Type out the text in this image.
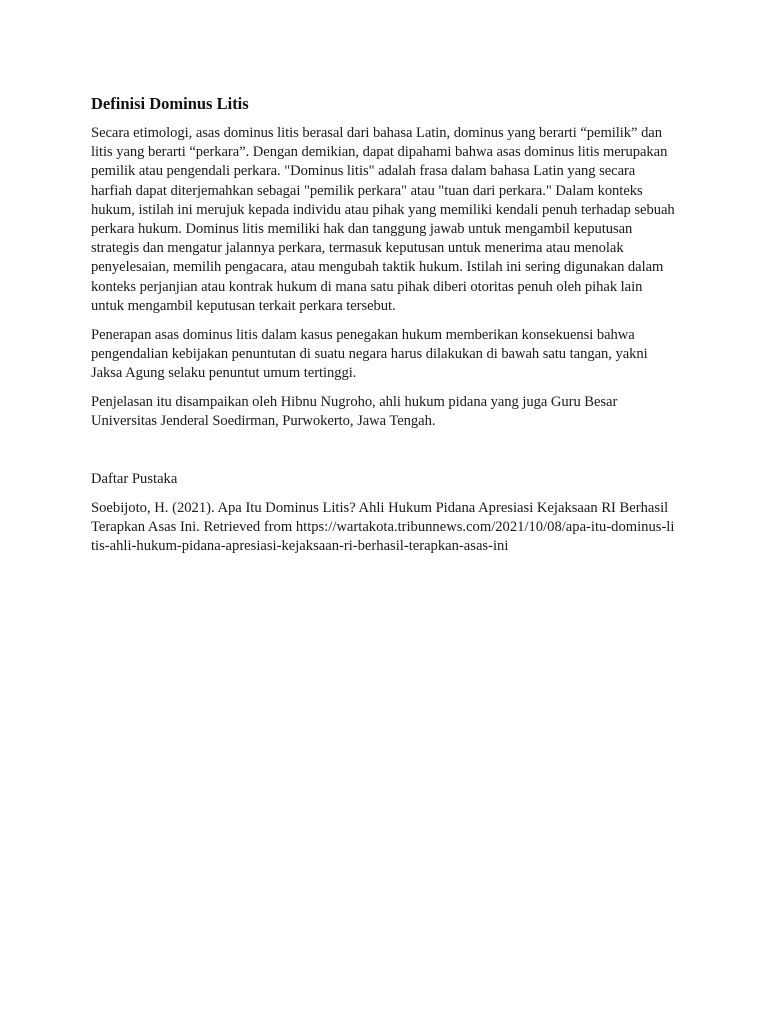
Definisi Dominus Litis

Secara etimologi, asas dominus litis berasal dari bahasa Latin, dominus yang berarti “pemilik” dan litis yang berarti “perkara”. Dengan demikian, dapat dipahami bahwa asas dominus litis merupakan pemilik atau pengendali perkara. "Dominus litis" adalah frasa dalam bahasa Latin yang secara harfiah dapat diterjemahkan sebagai "pemilik perkara" atau "tuan dari perkara." Dalam konteks hukum, istilah ini merujuk kepada individu atau pihak yang memiliki kendali penuh terhadap sebuah perkara hukum. Dominus litis memiliki hak dan tanggung jawab untuk mengambil keputusan strategis dan mengatur jalannya perkara, termasuk keputusan untuk menerima atau menolak penyelesaian, memilih pengacara, atau mengubah taktik hukum. Istilah ini sering digunakan dalam konteks perjanjian atau kontrak hukum di mana satu pihak diberi otoritas penuh oleh pihak lain untuk mengambil keputusan terkait perkara tersebut.

Penerapan asas dominus litis dalam kasus penegakan hukum memberikan konsekuensi bahwa pengendalian kebijakan penuntutan di suatu negara harus dilakukan di bawah satu tangan, yakni Jaksa Agung selaku penuntut umum tertinggi.

Penjelasan itu disampaikan oleh Hibnu Nugroho, ahli hukum pidana yang juga Guru Besar Universitas Jenderal Soedirman, Purwokerto, Jawa Tengah.

Daftar Pustaka

Soebijoto, H. (2021). Apa Itu Dominus Litis? Ahli Hukum Pidana Apresiasi Kejaksaan RI Berhasil Terapkan Asas Ini. Retrieved from https://wartakota.tribunnews.com/2021/10/08/apa-itu-dominus-litis-ahli-hukum-pidana-apresiasi-kejaksaan-ri-berhasil-terapkan-asas-ini
